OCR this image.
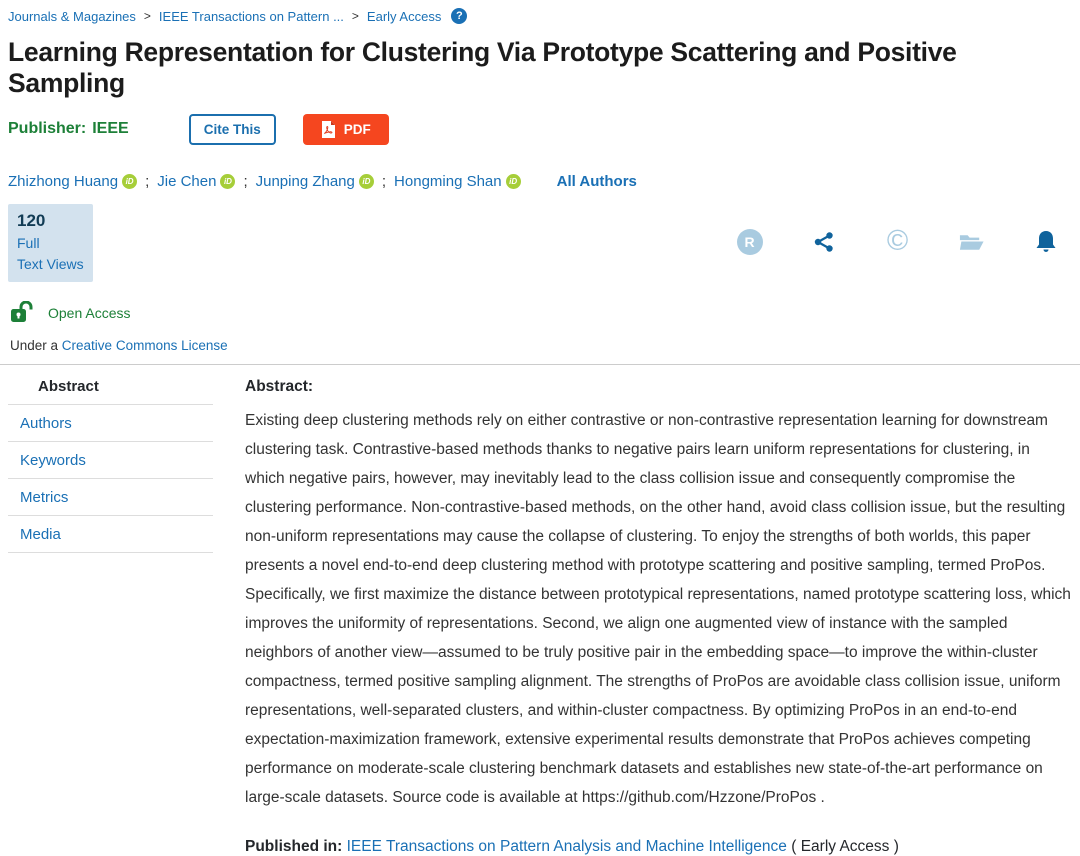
Journals & Magazines > IEEE Transactions on Pattern ... > Early Access	?
Learning Representation for Clustering Via Prototype Scattering and Positive Sampling
Publisher: IEEE	Cite This	PDF
Zhizhong Huang iD ; Jie Chen iD ; Junping Zhang iD ; Hongming Shan iD	All Authors
120
Full
Text Views
R	©
Open Access
Under a Creative Commons License
Abstract
Authors
Keywords
Metrics
Media
Abstract:

Existing deep clustering methods rely on either contrastive or non-contrastive representation learning for downstream clustering task. Contrastive-based methods thanks to negative pairs learn uniform representations for clustering, in which negative pairs, however, may inevitably lead to the class collision issue and consequently compromise the clustering performance. Non-contrastive-based methods, on the other hand, avoid class collision issue, but the resulting non-uniform representations may cause the collapse of clustering. To enjoy the strengths of both worlds, this paper presents a novel end-to-end deep clustering method with prototype scattering and positive sampling, termed ProPos. Specifically, we first maximize the distance between prototypical representations, named prototype scattering loss, which improves the uniformity of representations. Second, we align one augmented view of instance with the sampled neighbors of another view—assumed to be truly positive pair in the embedding space—to improve the within-cluster compactness, termed positive sampling alignment. The strengths of ProPos are avoidable class collision issue, uniform representations, well-separated clusters, and within-cluster compactness. By optimizing ProPos in an end-to-end expectation-maximization framework, extensive experimental results demonstrate that ProPos achieves competing performance on moderate-scale clustering benchmark datasets and establishes new state-of-the-art performance on large-scale datasets. Source code is available at https://github.com/Hzzone/ProPos .

Published in: IEEE Transactions on Pattern Analysis and Machine Intelligence ( Early Access )
